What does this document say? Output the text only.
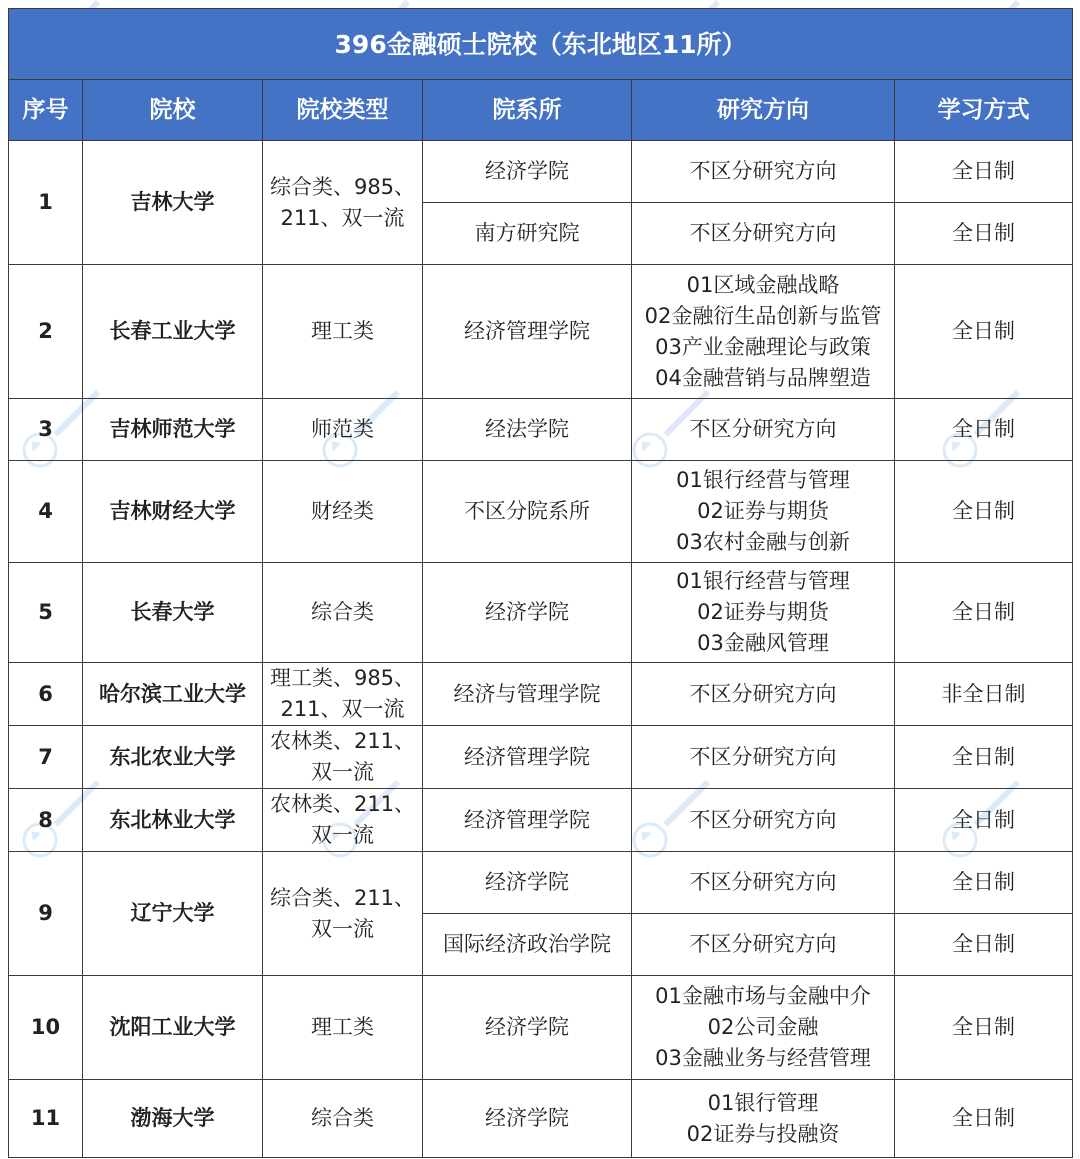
396金融硕士院校（东北地区11所）					
序号	院校	院校类型	院系所	研究方向	学习方式
1	吉林大学	综合类、985、
211、双一流	经济学院	不区分研究方向	全日制
			南方研究院	不区分研究方向	全日制
2	长春工业大学	理工类	经济管理学院	01区域金融战略
02金融衍生品创新与监管
03产业金融理论与政策
04金融营销与品牌塑造	全日制
3	吉林师范大学	师范类	经法学院	不区分研究方向	全日制
4	吉林财经大学	财经类	不区分院系所	01银行经营与管理
02证券与期货
03农村金融与创新	全日制
5	长春大学	综合类	经济学院	01银行经营与管理
02证券与期货
03金融风管理	全日制
6	哈尔滨工业大学	理工类、985、
211、双一流	经济与管理学院	不区分研究方向	非全日制
7	东北农业大学	农林类、211、
双一流	经济管理学院	不区分研究方向	全日制
8	东北林业大学	农林类、211、
双一流	经济管理学院	不区分研究方向	全日制
9	辽宁大学	综合类、211、
双一流	经济学院	不区分研究方向	全日制
			国际经济政治学院	不区分研究方向	全日制
10	沈阳工业大学	理工类	经济学院	01金融市场与金融中介
02公司金融
03金融业务与经营管理	全日制
11	渤海大学	综合类	经济学院	01银行管理
02证券与投融资	全日制
